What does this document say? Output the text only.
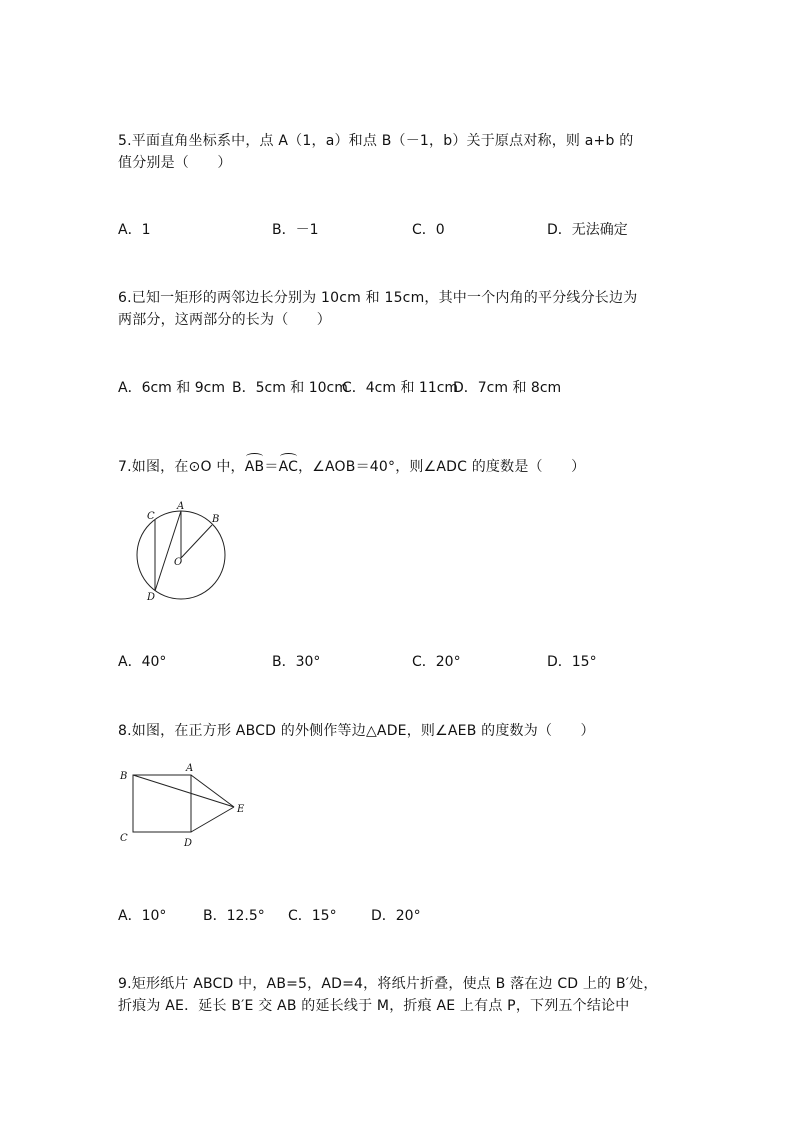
5.平面直角坐标系中，点 A（1，a）和点 B（－1，b）关于原点对称，则 a+b 的
值分别是（　　）
A．1	B．－1	C．0	D．无法确定
6.已知一矩形的两邻边长分别为 10cm 和 15cm，其中一个内角的平分线分长边为
两部分，这两部分的长为（　　）
A．6cm 和 9cm B．5cm 和 10cm
C．4cm 和 11cm
D．7cm 和 8cm
7.如图，在⊙O 中，AB＝AC，∠AOB＝40°，则∠ADC 的度数是（　　）
A
B
C
D
O
A．40°	B．30°	C．20°	D．15°
8.如图，在正方形 ABCD 的外侧作等边△ADE，则∠AEB 的度数为（　　）
B
A
C	D
E
A．10°	B．12.5° C．15° D．20°
9.矩形纸片 ABCD 中，AB=5，AD=4，将纸片折叠，使点 B 落在边 CD 上的 B′处，
折痕为 AE．延长 B′E 交 AB 的延长线于 M，折痕 AE 上有点 P，下列五个结论中
